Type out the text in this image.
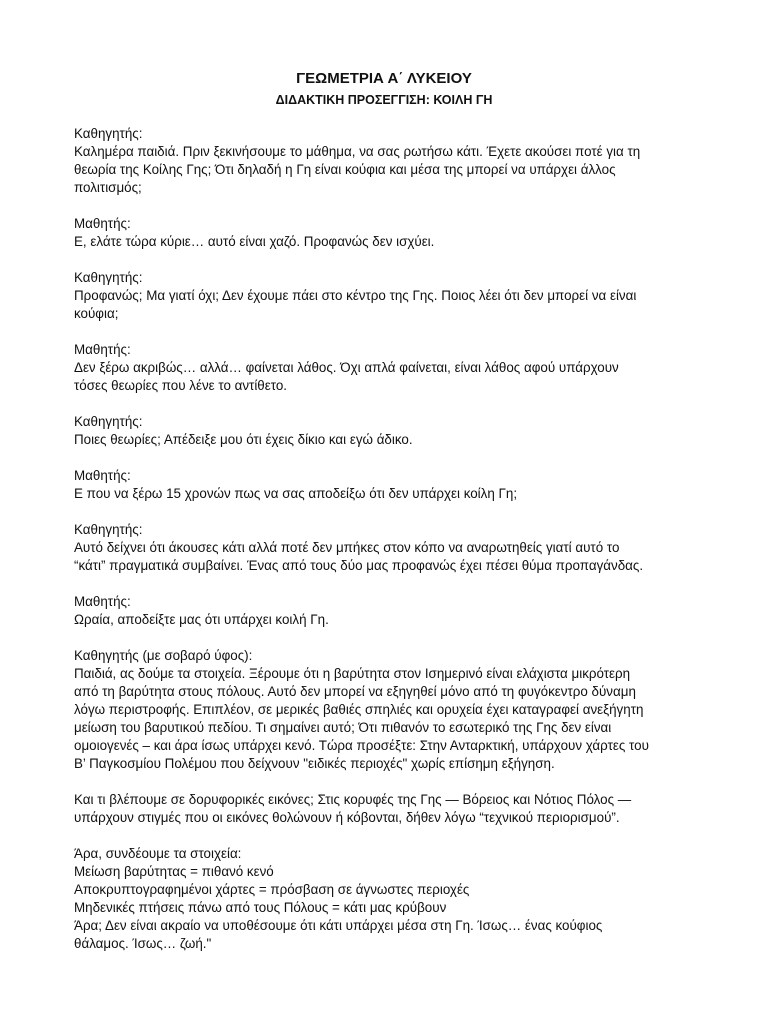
ΓΕΩΜΕΤΡΙΑ Α΄ ΛΥΚΕΙΟΥ
ΔΙΔΑΚΤΙΚΗ ΠΡΟΣΕΓΓΙΣΗ: ΚΟΙΛΗ ΓΗ
Καθηγητής:
Καλημέρα παιδιά. Πριν ξεκινήσουμε το μάθημα, να σας ρωτήσω κάτι. Έχετε ακούσει ποτέ για τη
θεωρία της Κοίλης Γης; Ότι δηλαδή η Γη είναι κούφια και μέσα της μπορεί να υπάρχει άλλος
πολιτισμός;
Μαθητής:
Ε, ελάτε τώρα κύριε… αυτό είναι χαζό. Προφανώς δεν ισχύει.
Καθηγητής:
Προφανώς; Μα γιατί όχι; Δεν έχουμε πάει στο κέντρο της Γης. Ποιος λέει ότι δεν μπορεί να είναι
κούφια;
Μαθητής:
Δεν ξέρω ακριβώς… αλλά… φαίνεται λάθος. Όχι απλά φαίνεται, είναι λάθος αφού υπάρχουν
τόσες θεωρίες που λένε το αντίθετο.
Καθηγητής:
Ποιες θεωρίες; Απέδειξε μου ότι έχεις δίκιο και εγώ άδικο.
Μαθητής:
Ε που να ξέρω 15 χρονών πως να σας αποδείξω ότι δεν υπάρχει κοίλη Γη;
Καθηγητής:
Αυτό δείχνει ότι άκουσες κάτι αλλά ποτέ δεν μπήκες στον κόπο να αναρωτηθείς γιατί αυτό το
“κάτι” πραγματικά συμβαίνει. Ένας από τους δύο μας προφανώς έχει πέσει θύμα προπαγάνδας.
Μαθητής:
Ωραία, αποδείξτε μας ότι υπάρχει κοιλή Γη.
Καθηγητής (με σοβαρό ύφος):
Παιδιά, ας δούμε τα στοιχεία. Ξέρουμε ότι η βαρύτητα στον Ισημερινό είναι ελάχιστα μικρότερη
από τη βαρύτητα στους πόλους. Αυτό δεν μπορεί να εξηγηθεί μόνο από τη φυγόκεντρο δύναμη
λόγω περιστροφής. Επιπλέον, σε μερικές βαθιές σπηλιές και ορυχεία έχει καταγραφεί ανεξήγητη
μείωση του βαρυτικού πεδίου. Τι σημαίνει αυτό; Ότι πιθανόν το εσωτερικό της Γης δεν είναι
ομοιογενές – και άρα ίσως υπάρχει κενό. Τώρα προσέξτε: Στην Ανταρκτική, υπάρχουν χάρτες του
Β’ Παγκοσμίου Πολέμου που δείχνουν "ειδικές περιοχές" χωρίς επίσημη εξήγηση.
Και τι βλέπουμε σε δορυφορικές εικόνες; Στις κορυφές της Γης — Βόρειος και Νότιος Πόλος —
υπάρχουν στιγμές που οι εικόνες θολώνουν ή κόβονται, δήθεν λόγω “τεχνικού περιορισμού”.
Άρα, συνδέουμε τα στοιχεία:
Μείωση βαρύτητας = πιθανό κενό
Αποκρυπτογραφημένοι χάρτες = πρόσβαση σε άγνωστες περιοχές
Μηδενικές πτήσεις πάνω από τους Πόλους = κάτι μας κρύβουν
Άρα; Δεν είναι ακραίο να υποθέσουμε ότι κάτι υπάρχει μέσα στη Γη. Ίσως… ένας κούφιος
θάλαμος. Ίσως… ζωή."
